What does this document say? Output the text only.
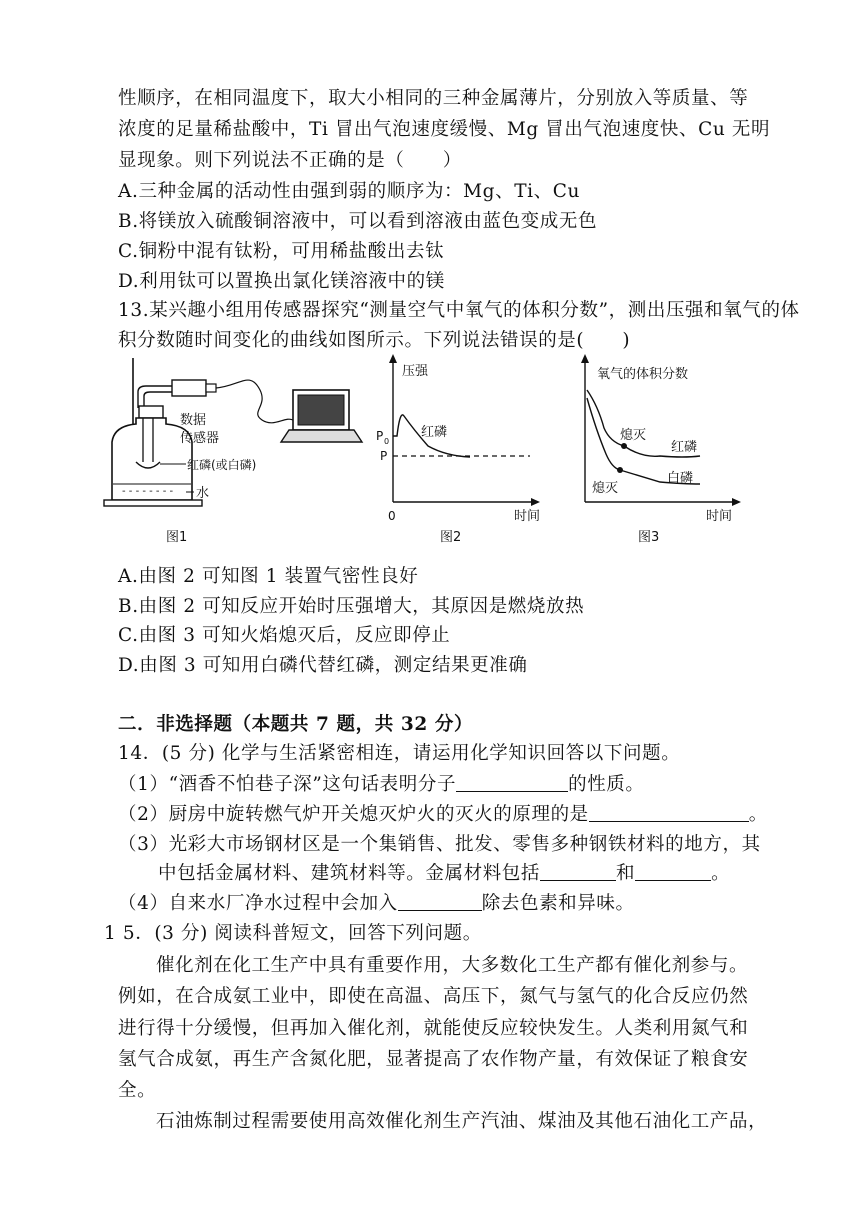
性顺序，在相同温度下，取大小相同的三种金属薄片，分别放入等质量、等
浓度的足量稀盐酸中，Ti 冒出气泡速度缓慢、Mg 冒出气泡速度快、Cu 无明
显现象。则下列说法不正确的是（　　）
A.三种金属的活动性由强到弱的顺序为：Mg、Ti、Cu
B.将镁放入硫酸铜溶液中，可以看到溶液由蓝色变成无色
C.铜粉中混有钛粉，可用稀盐酸出去钛
D.利用钛可以置换出氯化镁溶液中的镁
13.某兴趣小组用传感器探究“测量空气中氧气的体积分数”，测出压强和氧气的体
积分数随时间变化的曲线如图所示。下列说法错误的是(　　)
- - - - - - - -
数据
传感器
红磷(或白磷)
水
图1
压强
P 0
P
红磷
0	时间
图2
氧气的体积分数
熄灭
红磷
白磷
熄灭
时间
图3
A.由图 2 可知图 1 装置气密性良好
B.由图 2 可知反应开始时压强增大，其原因是燃烧放热
C.由图 3 可知火焰熄灭后，反应即停止
D.由图 3 可知用白磷代替红磷，测定结果更准确
二．非选择题（本题共 7 题，共 32 分）
14．(5 分) 化学与生活紧密相连，请运用化学知识回答以下问题。
（1）“酒香不怕巷子深”这句话表明分子	的性质。
（2）厨房中旋转燃气炉开关熄灭炉火的灭火的原理的是	。
（3）光彩大市场钢材区是一个集销售、批发、零售多种钢铁材料的地方，其
中包括金属材料、建筑材料等。金属材料包括	和	。
（4）自来水厂净水过程中会加入	除去色素和异味。
1 5．(3 分) 阅读科普短文，回答下列问题。
催化剂在化工生产中具有重要作用，大多数化工生产都有催化剂参与。
例如，在合成氨工业中，即使在高温、高压下，氮气与氢气的化合反应仍然
进行得十分缓慢，但再加入催化剂，就能使反应较快发生。人类利用氮气和
氢气合成氨，再生产含氮化肥，显著提高了农作物产量，有效保证了粮食安
全。
石油炼制过程需要使用高效催化剂生产汽油、煤油及其他石油化工产品，
